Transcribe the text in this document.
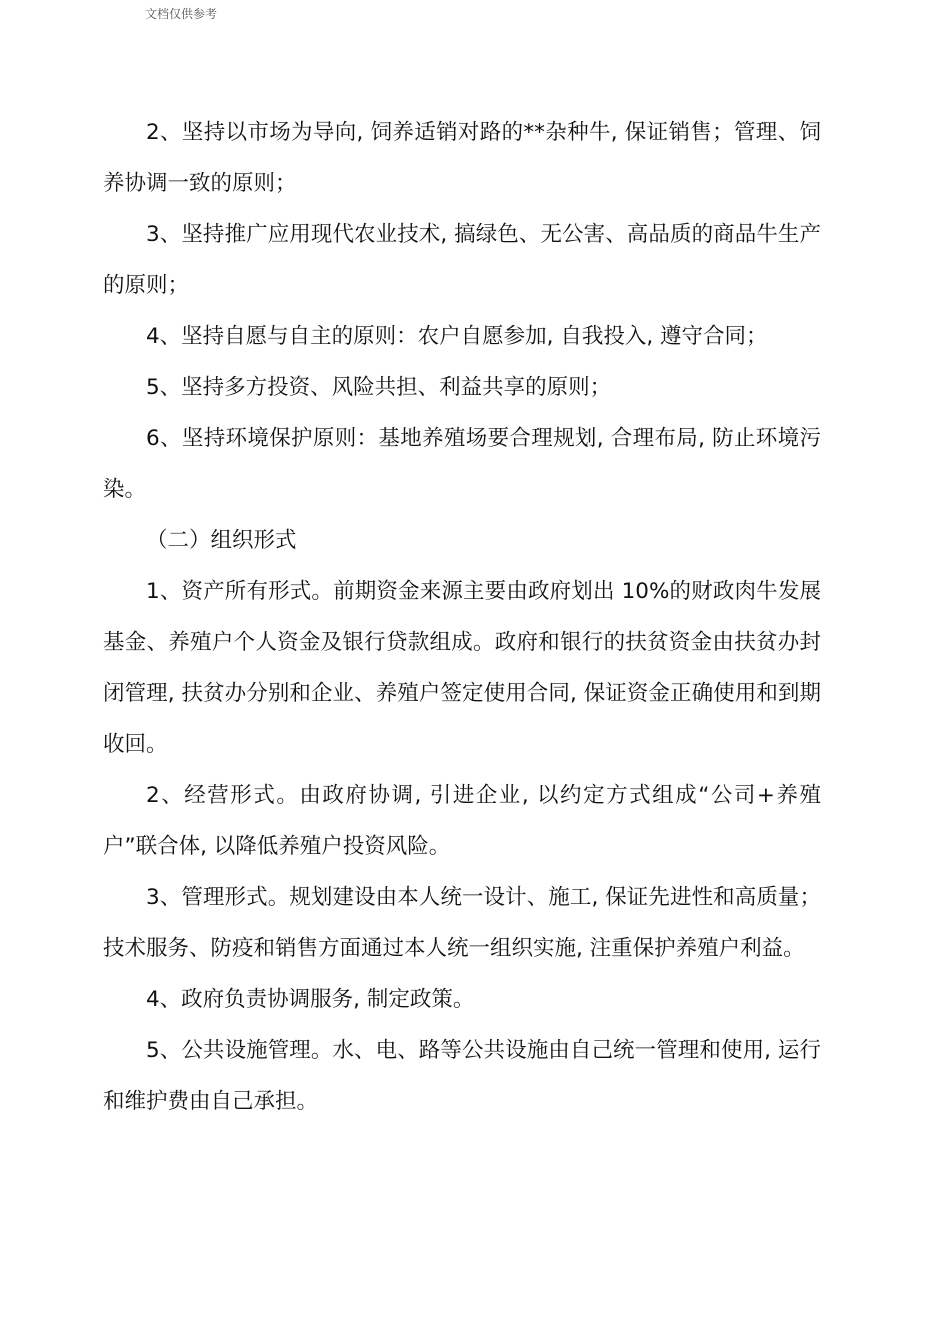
文档仅供参考

2、坚持以市场为导向, 饲养适销对路的**杂种牛, 保证销售；管理、饲养协调一致的原则；

3、坚持推广应用现代农业技术, 搞绿色、无公害、高品质的商品牛生产的原则；

4、坚持自愿与自主的原则：农户自愿参加, 自我投入, 遵守合同；

5、坚持多方投资、风险共担、利益共享的原则；

6、坚持环境保护原则：基地养殖场要合理规划, 合理布局, 防止环境污染。

（二）组织形式

1、资产所有形式。前期资金来源主要由政府划出 10%的财政肉牛发展基金、养殖户个人资金及银行贷款组成。政府和银行的扶贫资金由扶贫办封闭管理, 扶贫办分别和企业、养殖户签定使用合同, 保证资金正确使用和到期收回。

2、经营形式。由政府协调, 引进企业, 以约定方式组成“公司+养殖户”联合体, 以降低养殖户投资风险。

3、管理形式。规划建设由本人统一设计、施工, 保证先进性和高质量；技术服务、防疫和销售方面通过本人统一组织实施, 注重保护养殖户利益。

4、政府负责协调服务, 制定政策。

5、公共设施管理。水、电、路等公共设施由自己统一管理和使用, 运行和维护费由自己承担。
